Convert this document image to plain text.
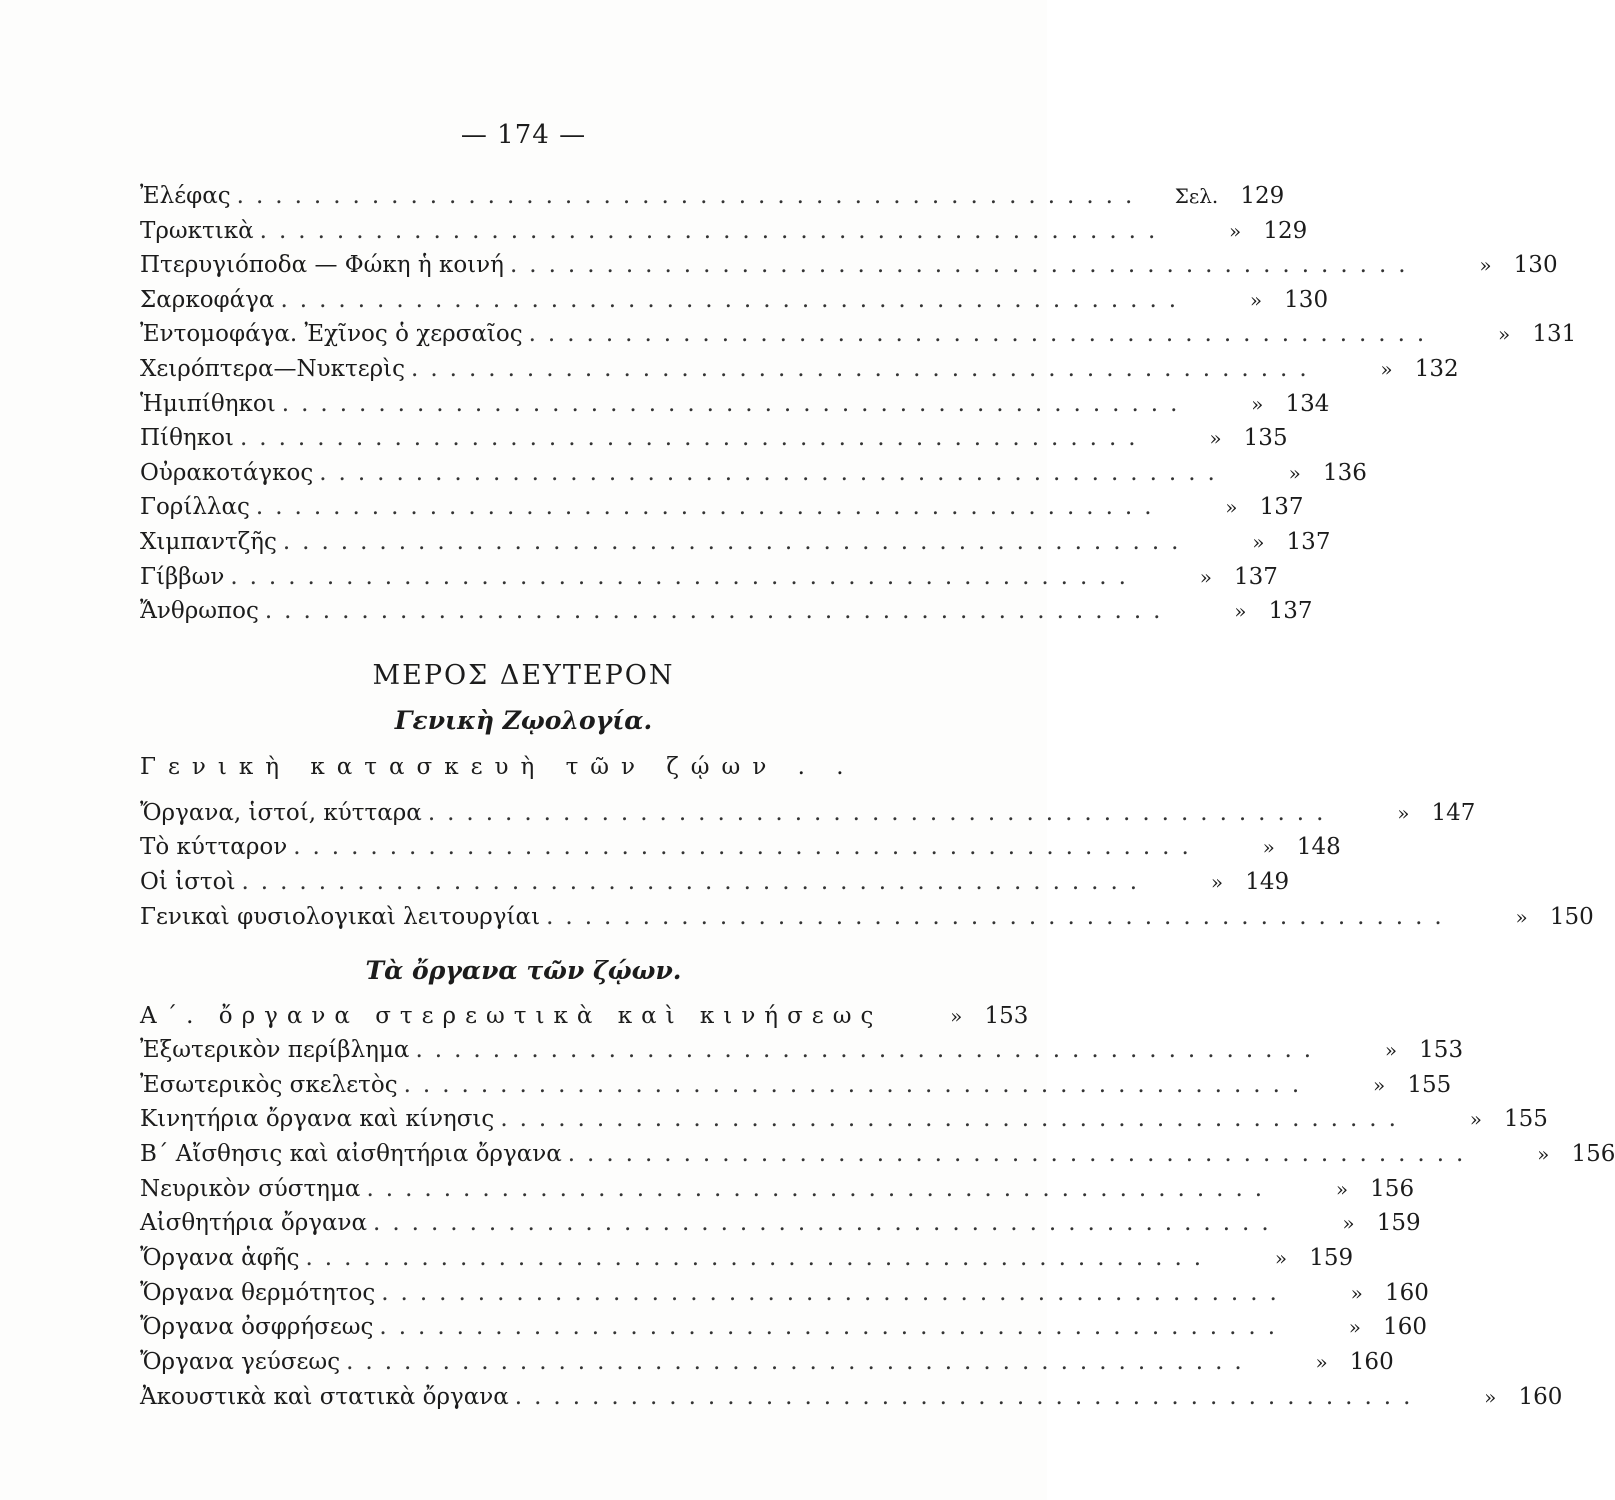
— 174 —
Ἐλέφας ...............................................	Σελ. 129
Τρωκτικὰ ...............................................	» 129
Πτερυγιόποδα — Φώκη ἡ κοινή ...............................................	» 130
Σαρκοφάγα ...............................................	» 130
Ἐντομοφάγα. Ἐχῖνος ὁ χερσαῖος ...............................................	» 131
Χειρόπτερα—Νυκτερὶς ...............................................	» 132
Ἡμιπίθηκοι ...............................................	» 134
Πίθηκοι ...............................................	» 135
Οὐρακοτάγκος ...............................................	» 136
Γορίλλας ...............................................	» 137
Χιμπαντζῆς ...............................................	» 137
Γίββων ...............................................	» 137
Ἄνθρωπος ...............................................	» 137
ΜΕΡΟΣ ΔΕΥΤΕΡΟΝ
Γενικὴ Ζῳολογία.
Γενικὴ κατασκευὴ τῶν ζῴων . .
Ὄργανα, ἱστοί, κύτταρα ...............................................	» 147
Τὸ κύτταρον ...............................................	» 148
Οἱ ἱστοὶ ...............................................	» 149
Γενικαὶ φυσιολογικαὶ λειτουργίαι ...............................................	» 150
Τὰ ὄργανα τῶν ζῴων.
Α΄. ὄργανα στερεωτικὰ καὶ κινήσεως	» 153
Ἐξωτερικὸν περίβλημα ...............................................	» 153
Ἐσωτερικὸς σκελετὸς ...............................................	» 155
Κινητήρια ὄργανα καὶ κίνησις ...............................................	» 155
Β΄ Αἴσθησις καὶ αἰσθητήρια ὄργανα ...............................................	» 156
Νευρικὸν σύστημα ...............................................	» 156
Αἰσθητήρια ὄργανα ...............................................	» 159
Ὄργανα ἁφῆς ...............................................	» 159
Ὄργανα θερμότητος ...............................................	» 160
Ὄργανα ὀσφρήσεως ...............................................	» 160
Ὄργανα γεύσεως ...............................................	» 160
Ἀκουστικὰ καὶ στατικὰ ὄργανα ...............................................	» 160
